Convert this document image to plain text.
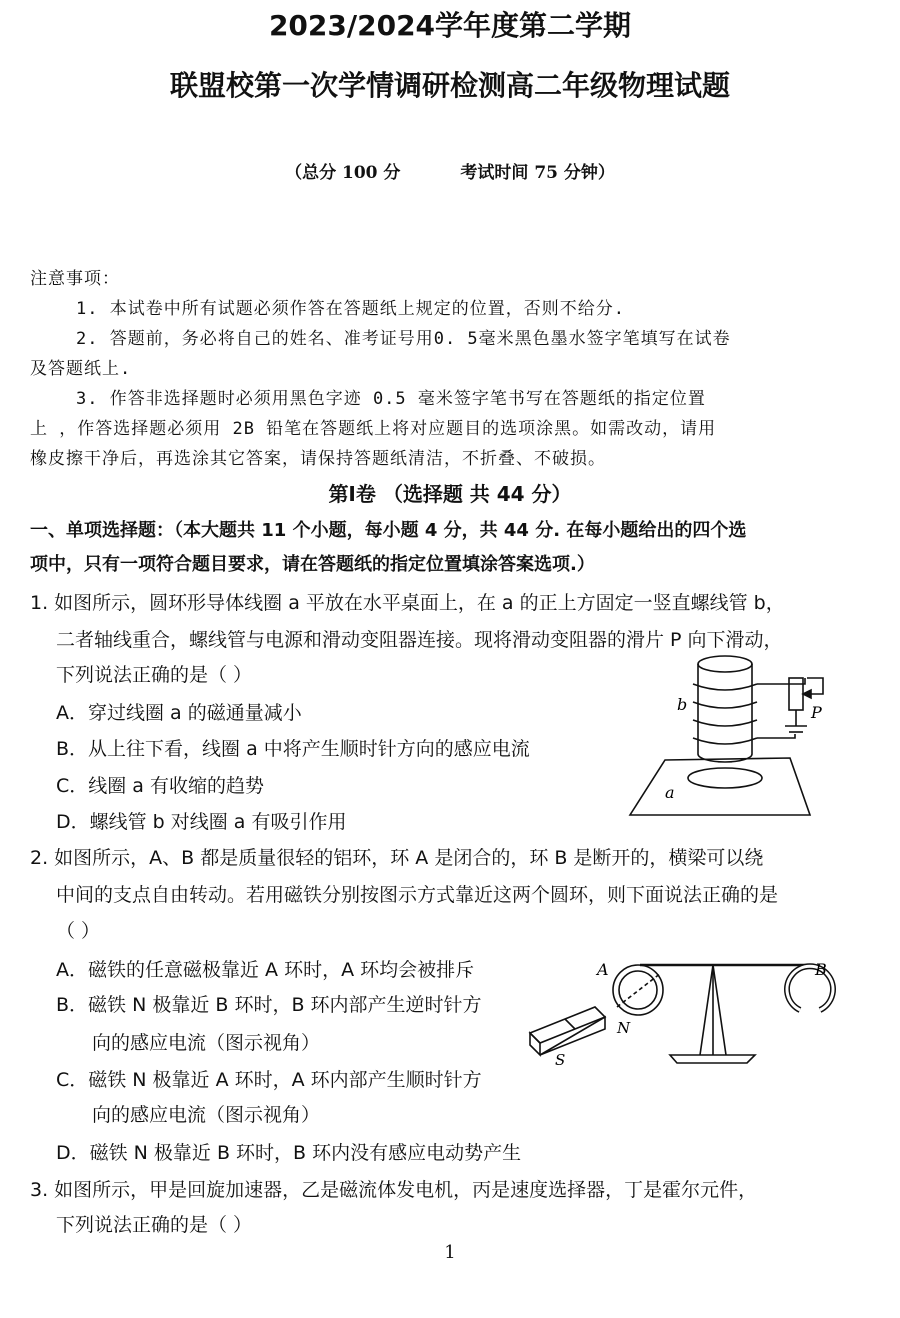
2023/2024学年度第二学期
联盟校第一次学情调研检测高二年级物理试题
（总分 100 分	考试时间 75 分钟）
注意事项：
1. 本试卷中所有试题必须作答在答题纸上规定的位置，否则不给分.
2. 答题前，务必将自己的姓名、准考证号用0. 5毫米黑色墨水签字笔填写在试卷
及答题纸上.
3. 作答非选择题时必须用黑色字迹 0.5 毫米签字笔书写在答题纸的指定位置
上 ，作答选择题必须用 2B 铅笔在答题纸上将对应题目的选项涂黑。如需改动，请用
橡皮擦干净后，再选涂其它答案，请保持答题纸清洁，不折叠、不破损。
第Ⅰ卷 （选择题 共 44 分）
一、单项选择题：（本大题共 11 个小题，每小题 4 分，共 44 分. 在每小题给出的四个选
项中，只有一项符合题目要求，请在答题纸的指定位置填涂答案选项.）
1. 如图所示，圆环形导体线圈 a 平放在水平桌面上，在 a 的正上方固定一竖直螺线管 b，
二者轴线重合，螺线管与电源和滑动变阻器连接。现将滑动变阻器的滑片 P 向下滑动，
下列说法正确的是（ ）
A．穿过线圈 a 的磁通量减小
B．从上往下看，线圈 a 中将产生顺时针方向的感应电流
C．线圈 a 有收缩的趋势
D．螺线管 b 对线圈 a 有吸引作用
b	P
a
2. 如图所示，A、B 都是质量很轻的铝环，环 A 是闭合的，环 B 是断开的，横梁可以绕
中间的支点自由转动。若用磁铁分别按图示方式靠近这两个圆环，则下面说法正确的是
（ ）
A．磁铁的任意磁极靠近 A 环时，A 环均会被排斥
B．磁铁 N 极靠近 B 环时，B 环内部产生逆时针方
向的感应电流（图示视角）
C．磁铁 N 极靠近 A 环时，A 环内部产生顺时针方
向的感应电流（图示视角）
D．磁铁 N 极靠近 B 环时，B 环内没有感应电动势产生
A	B
N
S
3. 如图所示，甲是回旋加速器，乙是磁流体发电机，丙是速度选择器，丁是霍尔元件，
下列说法正确的是（ ）
1
